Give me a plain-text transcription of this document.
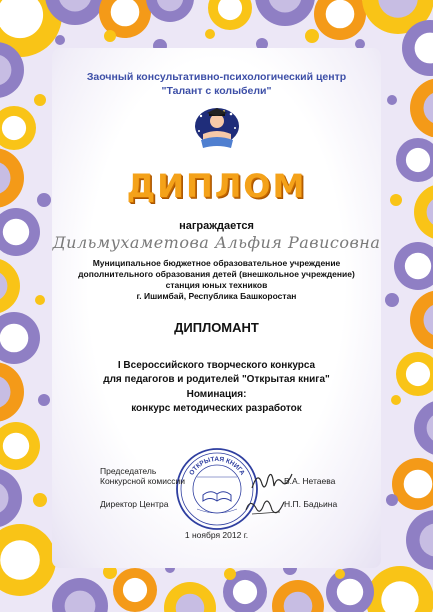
Заочный консультативно-психологический центр
"Талант с колыбели"
ДИПЛОМ
награждается
Дильмухаметова Альфия Рависовна
Муниципальное бюджетное образовательное учреждение
дополнительного образования детей (внешкольное учреждение)
станция юных техников
г. Ишимбай, Республика Башкоростан
ДИПЛОМАНТ
I Всероссийского творческого конкурса
для педагогов и родителей "Открытая книга"
Номинация:
конкурс методических разработок
ОТКРЫТАЯ КНИГА
Председатель
Конкурсной комиссии	В.А. Нетаева
Директор Центра	Н.П. Бадьина
1 ноября 2012 г.
